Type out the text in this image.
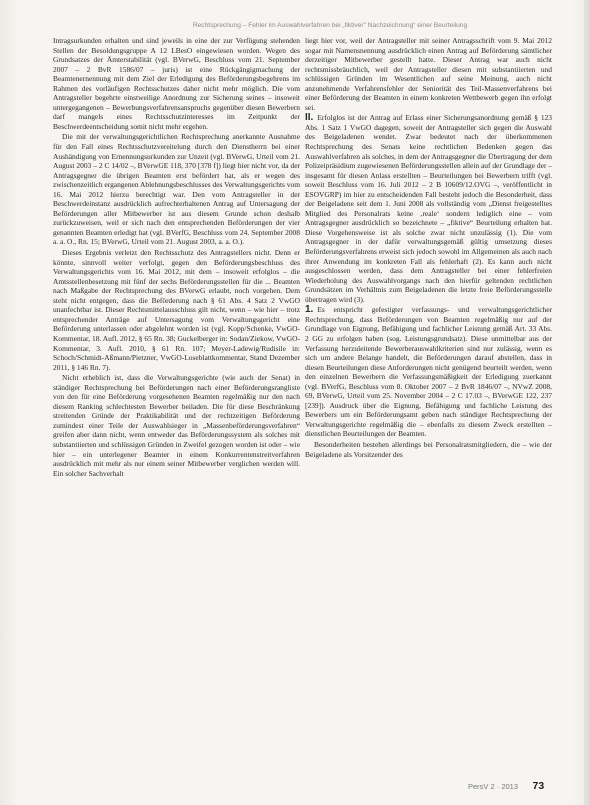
Rechtsprechung – Fehler im Auswahlverfahren bei „fiktiver" Nachzeichnung“ einer Beurteilung

Intragsurkunden erhalten und sind jeweils in eine der zur Verfügung stehenden Stellen der Besoldungsgruppe A 12 LBesO eingewiesen worden. Wegen des Grundsatzes der Ämterstabilität (vgl. BVerwG, Beschluss vom 21. September 2007 – 2 BvR 1586/07 – juris) ist eine Rückgängigmachung der Beamtenernennung mit dem Ziel der Erledigung des Beförderungsbegehrens im Rahmen des vorläufigen Rechtsschutzes daher nicht mehr möglich. Die vom Antragsteller begehrte einstweilige Anordnung zur Sicherung seines – insoweit untergegangenen – Bewerbungsverfahrensanspruchs gegenüber diesen Bewerbern darf mangels eines Rechtsschutzinteresses im Zeitpunkt der Beschwerdeentscheidung somit nicht mehr ergehen.

Die mit der verwaltungsgerichtlichen Rechtsprechung anerkannte Ausnahme für den Fall eines Rechtsschutzvereitelung durch den Dienstherrn bei einer Aushändigung von Ernennungsurkunden zur Unzeit (vgl. BVerwG, Urteil vom 21. August 2003 – 2 C 14/02 –, BVerwGE 118, 370 [378 f]) liegt hier nicht vor, da der Antragsgegner die übrigen Beamten erst befördert hat, als er wegen des zwischenzeitlich ergangenen Ablehnungsbeschlusses des Verwaltungsgerichts vom 16. Mai 2012 hierzu berechtigt war. Den vom Antragsteller in der Beschwerdeinstanz ausdrücklich aufrechterhaltenen Antrag auf Untersagung der Beförderungen aller Mitbewerber ist aus diesem Grunde schon deshalb zurückzuweisen, weil er sich nach den entsprechenden Beförderungen der vier genannten Beamten erledigt hat (vgl. BVerfG, Beschluss vom 24. September 2008 a. a. O., Rn. 15; BVerwG, Urteil vom 21. August 2003, a. a. O.).

Dieses Ergebnis verletzt den Rechtsschutz des Antragstellers nicht. Denn er könnte, sinnvoll weiter verfolgt, gegen den Beförderungsbeschluss des Verwaltungsgerichts vom 16. Mai 2012, mit dem – insoweit erfolglos – die Amtsstellenbesetzung mit fünf der sechs Beförderungsstellen für die ... Beamten nach Maßgabe der Rechtsprechung des BVerwG erlaubt, noch vorgehen. Dem steht nicht entgegen, dass die Beförderung nach § 61 Abs. 4 Satz 2 VwGO unanfechtbar ist. Dieser Rechtsmittelausschluss gilt nicht, wenn – wie hier – trotz entsprechender Anträge auf Untersagung vom Verwaltungsgericht eine Beförderung unterlassen oder abgelehnt worden ist (vgl. Kopp/Schenke, VwGO-Kommentar, 18. Aufl. 2012, § 65 Rn. 38; Guckelberger in: Sodan/Ziekow, VwGO-Kommentar, 3. Aufl. 2010, § 61 Rn. 107; Meyer-Ladewig/Rudisile in: Schoch/Schmidt-Aßmann/Pietzner, VwGO-Loseblattkommentar, Stand Dezember 2011, § 146 Rn. 7).

Nicht erheblich ist, dass die Verwaltungsgerichte (wie auch der Senat) in ständiger Rechtsprechung bei Beförderungen nach einer Beförderungsrangliste von den für eine Beförderung vorgesehenen Beamten regelmäßig nur den nach diesem Ranking schlechtesten Bewerber beiladen. Die für diese Beschränkung streitenden Gründe der Praktikabilität und der rechtzeitigen Beförderung zumindest einer Teile der Auswahlsieger in „Massenbeförderungsverfahren“ greifen aber dann nicht, wenn entweder das Beförderungssystem als solches mit substantiierten und schlüssigen Gründen in Zweifel gezogen worden ist oder – wie hier – ein unterlegener Beamter in einem Konkurrentenstreitverfahren ausdrücklich mit mehr als nur einem seiner Mitbewerber verglichen werden will. Ein solcher Sachverhalt

liegt hier vor, weil der Antragsteller mit seiner Antragsschrift vom 9. Mai 2012 sogar mit Namensnennung ausdrücklich einen Antrag auf Beförderung sämtlicher derzeitiger Mitbewerber gestellt hatte. Dieser Antrag war auch nicht rechtsmissbräuchlich, weil der Antragsteller diesen mit substantiierten und schlüssigen Gründen im Wesentlichen auf seine Meinung, auch nicht anzunehmende Verfahrensfehler der Seniorität des Teil-Massenverfahrens bei einer Beförderung der Beamten in einem konkreten Wettbewerb gegen ihn erfolgt sei.

II. Erfolglos ist der Antrag auf Erlass einer Sicherungsanordnung gemäß § 123 Abs. 1 Satz 1 VwGO dagegen, soweit der Antragsteller sich gegen die Auswahl des Beigeladenen wendet. Zwar bedeutet nach der überkommenen Rechtsprechung des Senats keine rechtlichen Bedenken gegen das Auswahlverfahren als solches, in dem der Antragsgegner die Übertragung der dem Polizeipräsidium zugewiesenen Beförderungsstellen allein auf der Grundlage der – insgesamt für diesen Anlass erstellten – Beurteilungen bei Bewerbern trifft (vgl. soweit Beschluss vom 16. Juli 2012 – 2 B 10609/12.OVG –, veröffentlicht in ESOVGRP) im hier zu entscheidenden Fall besteht jedoch die Besonderheit, dass der Beigeladene seit dem 1. Juni 2008 als vollständig vom „Dienst freigestelltes Mitglied des Personalrats keine ‚reale‘ sondern lediglich eine – vom Antragsgegner ausdrücklich so bezeichnete – „fiktive“ Beurteilung erhalten hat. Diese Vorgehensweise ist als solche zwar nicht unzulässig (1). Die vom Antragsgegner in der dafür verwaltungsgemäß gültig umsetzung dieses Beförderungsverfahrens erweist sich jedoch sowohl im Allgemeinen als auch nach ihrer Anwendung im konkreten Fall als fehlerhaft (2). Es kann auch nicht ausgeschlossen werden, dass dem Antragsteller bei einer fehlerfreien Wiederholung des Auswahlvorgangs nach den hierfür geltenden rechtlichen Grundsätzen im Verhältnis zum Beigeladenen die letzte freie Beförderungsstelle übertragen wird (3).

1. Es entspricht gefestigter verfassungs- und verwaltungsgerichtlicher Rechtsprechung, dass Beförderungen von Beamten regelmäßig nur auf der Grundlage von Eignung, Befähigung und fachlicher Leistung gemäß Art. 33 Abs. 2 GG zu erfolgen haben (sog. Leistungsgrundsatz). Diese unmittelbar aus der Verfassung herzuleitende Bewerberauswahlkriterien sind nur zulässig, wenn es sich um andere Belange handelt, die Beförderungen darauf abstellen, dass in diesen Beurteilungen diese Anforderungen nicht genügend beurteilt werden, wenn den einzelnen Bewerbern die Verfassungsmäßigkeit der Erledigung zuerkannt (vgl. BVerfG, Beschluss vom 8. Oktober 2007 – 2 BvR 1846/07 –, NVwZ 2008, 69, BVerwG, Urteil vom 25. November 2004 – 2 C 17.03 –, BVerwGE 122, 237 [239]). Ausdruck über die Eignung, Befähigung und fachliche Leistung des Bewerbers um ein Beförderungsamt geben nach ständiger Rechtsprechung der Verwaltungsgerichte regelmäßig die – ebenfalls zu diesem Zweck erstellten – dienstlichen Beurteilungen der Beamten.

Besonderheiten bestehen allerdings bei Personalratsmitgliedern, die – wie der Beigeladene als Vorsitzender des

PersV 2 · 2013 73
